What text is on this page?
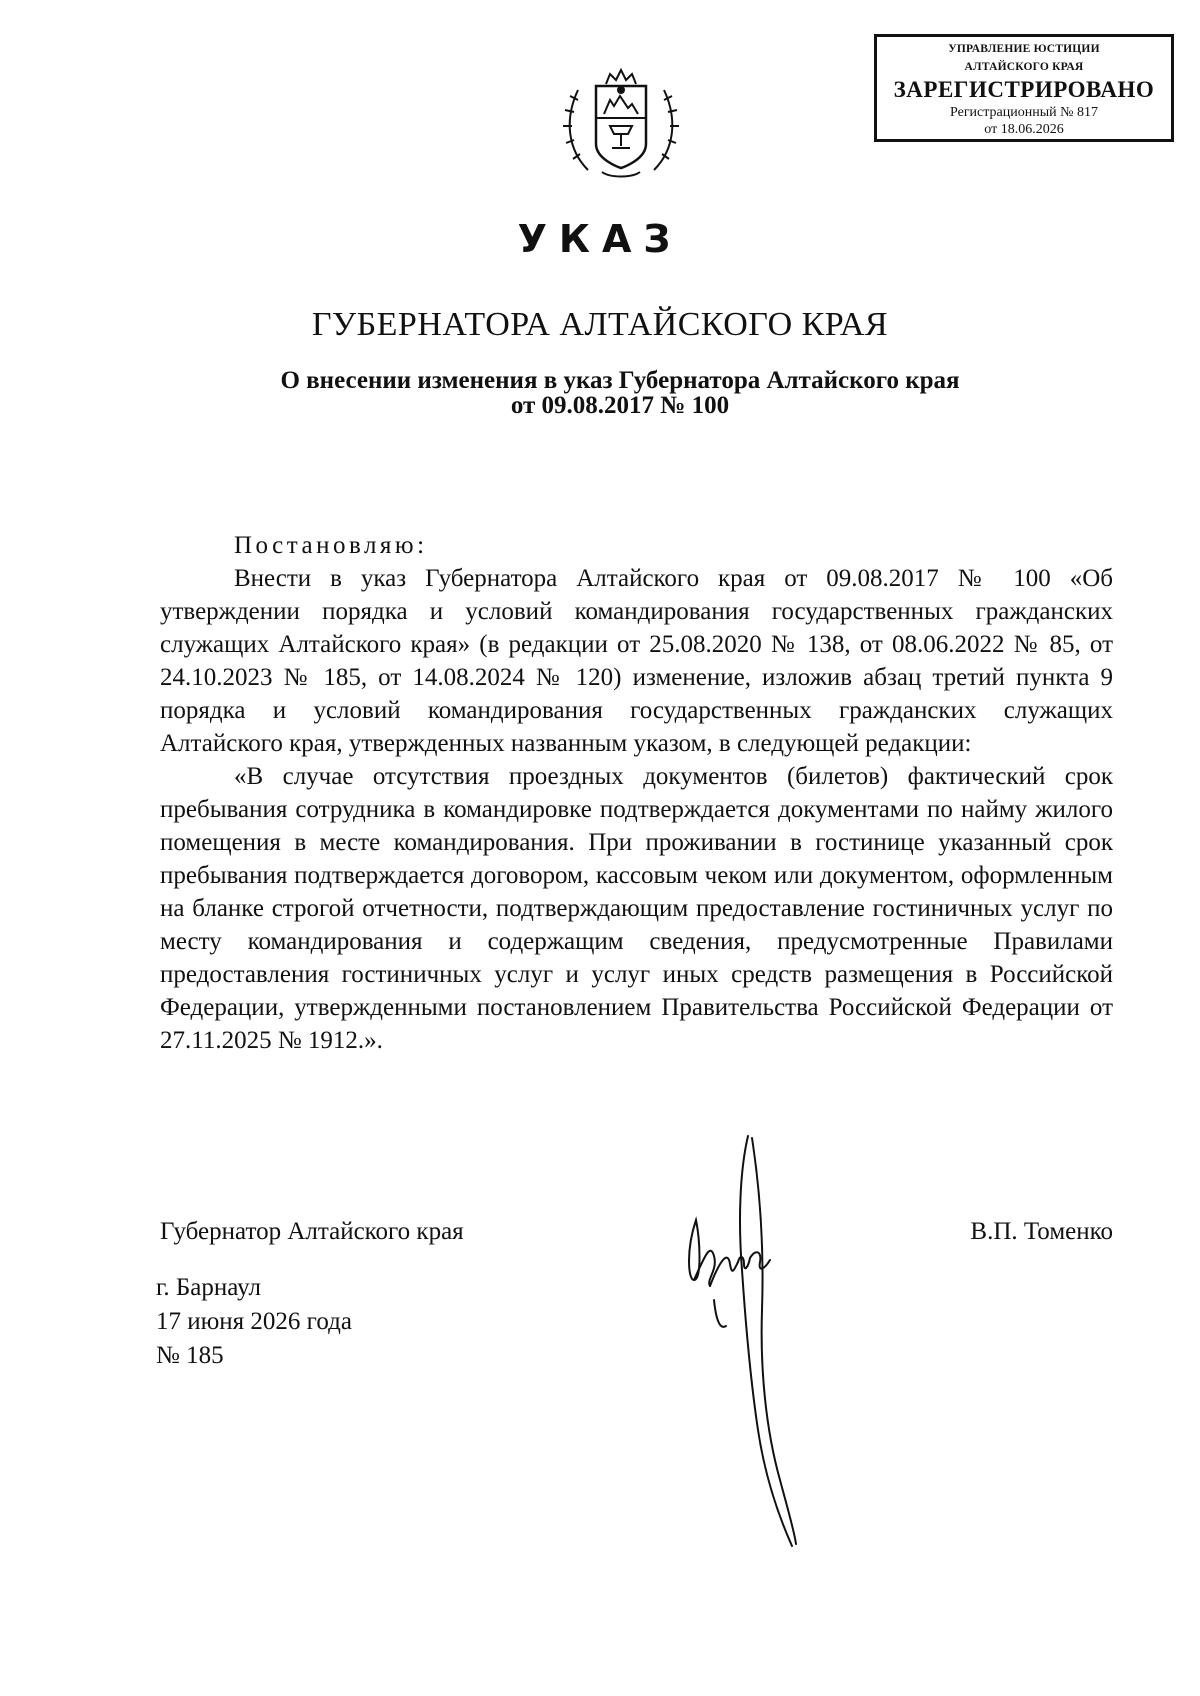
УПРАВЛЕНИЕ ЮСТИЦИИ
АЛТАЙСКОГО КРАЯ
ЗАРЕГИСТРИРОВАНО
Регистрационный № 817
от 18.06.2026
УКАЗ
ГУБЕРНАТОРА АЛТАЙСКОГО КРАЯ
О внесении изменения в указ Губернатора Алтайского края
от 09.08.2017 № 100
Постановляю:

Внести в указ Губернатора Алтайского края от 09.08.2017 № 100 «Об утверждении порядка и условий командирования государственных гражданских служащих Алтайского края» (в редакции от 25.08.2020 № 138, от 08.06.2022 № 85, от 24.10.2023 № 185, от 14.08.2024 № 120) изменение, изложив абзац третий пункта 9 порядка и условий командирования государственных гражданских служащих Алтайского края, утвержденных названным указом, в следующей редакции:

«В случае отсутствия проездных документов (билетов) фактический срок пребывания сотрудника в командировке подтверждается документами по найму жилого помещения в месте командирования. При проживании в гостинице указанный срок пребывания подтверждается договором, кассовым чеком или документом, оформленным на бланке строгой отчетности, подтверждающим предоставление гостиничных услуг по месту командирования и содержащим сведения, предусмотренные Правилами предоставления гостиничных услуг и услуг иных средств размещения в Российской Федерации, утвержденными постановлением Правительства Российской Федерации от 27.11.2025 № 1912.».

Губернатор Алтайского края	В.П. Томенко
г. Барнаул
17 июня 2026 года
№ 185
